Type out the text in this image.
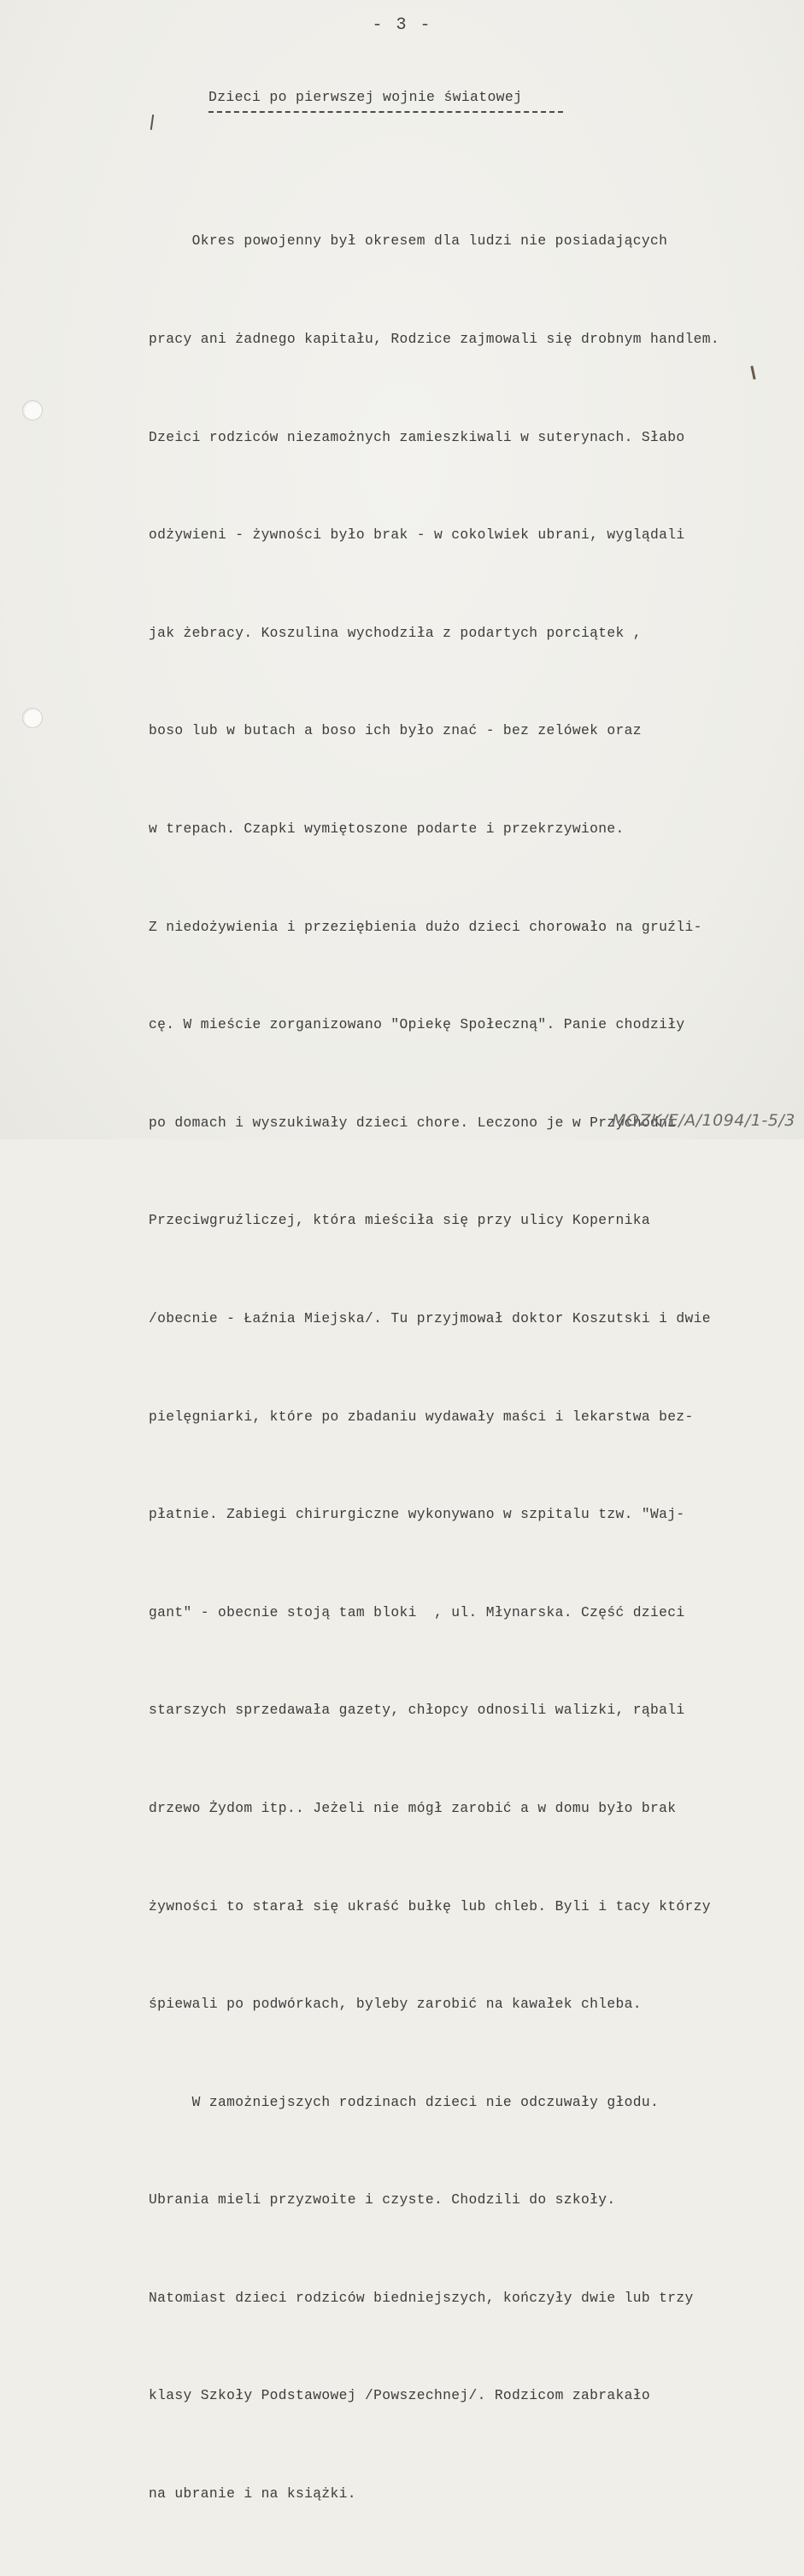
- 3 -
Dzieci po pierwszej wojnie światowej

Okres powojenny był okresem dla ludzi nie posiadających

pracy ani żadnego kapitału, Rodzice zajmowali się drobnym handlem.

Dzeici rodziców niezamożnych zamieszkiwali w suterynach. Słabo

odżywieni - żywności było brak - w cokolwiek ubrani, wyglądali

jak żebracy. Koszulina wychodziła z podartych porciątek ,

boso lub w butach a boso ich było znać - bez zelówek oraz

w trepach. Czapki wymiętoszone podarte i przekrzywione.

Z niedożywienia i przeziębienia dużo dzieci chorowało na gruźli-

cę. W mieście zorganizowano "Opiekę Społeczną". Panie chodziły

po domach i wyszukiwały dzieci chore. Leczono je w Przychodni

Przeciwgruźliczej, która mieściła się przy ulicy Kopernika

/obecnie - Łaźnia Miejska/. Tu przyjmował doktor Koszutski i dwie

pielęgniarki, które po zbadaniu wydawały maści i lekarstwa bez-

płatnie. Zabiegi chirurgiczne wykonywano w szpitalu tzw. "Waj-

gant" - obecnie stoją tam bloki  , ul. Młynarska. Część dzieci

starszych sprzedawała gazety, chłopcy odnosili walizki, rąbali

drzewo Żydom itp.. Jeżeli nie mógł zarobić a w domu było brak

żywności to starał się ukraść bułkę lub chleb. Byli i tacy którzy

śpiewali po podwórkach, byleby zarobić na kawałek chleba.

W zamożniejszych rodzinach dzieci nie odczuwały głodu.

Ubrania mieli przyzwoite i czyste. Chodzili do szkoły.

Natomiast dzieci rodziców biedniejszych, kończyły dwie lub trzy

klasy Szkoły Podstawowej /Powszechnej/. Rodzicom zabrakało

na ubranie i na książki.

MOZK/E/A/1094/1-5/3
